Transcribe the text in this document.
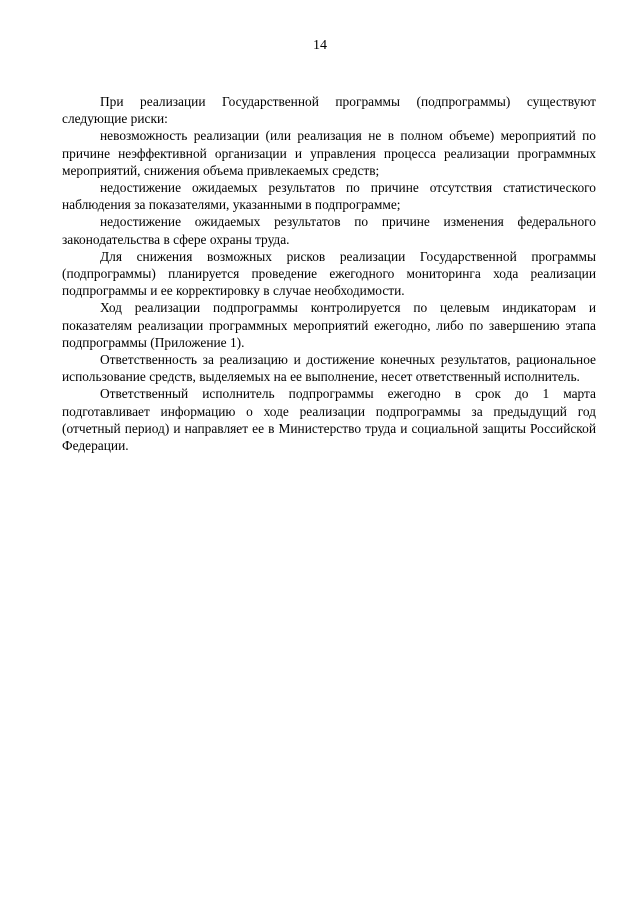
14

При реализации Государственной программы (подпрограммы) существуют следующие риски:

невозможность реализации (или реализация не в полном объеме) мероприятий по причине неэффективной организации и управления процесса реализации программных мероприятий, снижения объема привлекаемых средств;

недостижение ожидаемых результатов по причине отсутствия статистического наблюдения за показателями, указанными в подпрограмме;

недостижение ожидаемых результатов по причине изменения федерального законодательства в сфере охраны труда.

Для снижения возможных рисков реализации Государственной программы (подпрограммы) планируется проведение ежегодного мониторинга хода реализации подпрограммы и ее корректировку в случае необходимости.

Ход реализации подпрограммы контролируется по целевым индикаторам и показателям реализации программных мероприятий ежегодно, либо по завершению этапа подпрограммы (Приложение 1).

Ответственность за реализацию и достижение конечных результатов, рациональное использование средств, выделяемых на ее выполнение, несет ответственный исполнитель.

Ответственный исполнитель подпрограммы ежегодно в срок до 1 марта подготавливает информацию о ходе реализации подпрограммы за предыдущий год (отчетный период) и направляет ее в Министерство труда и социальной защиты Российской Федерации.
